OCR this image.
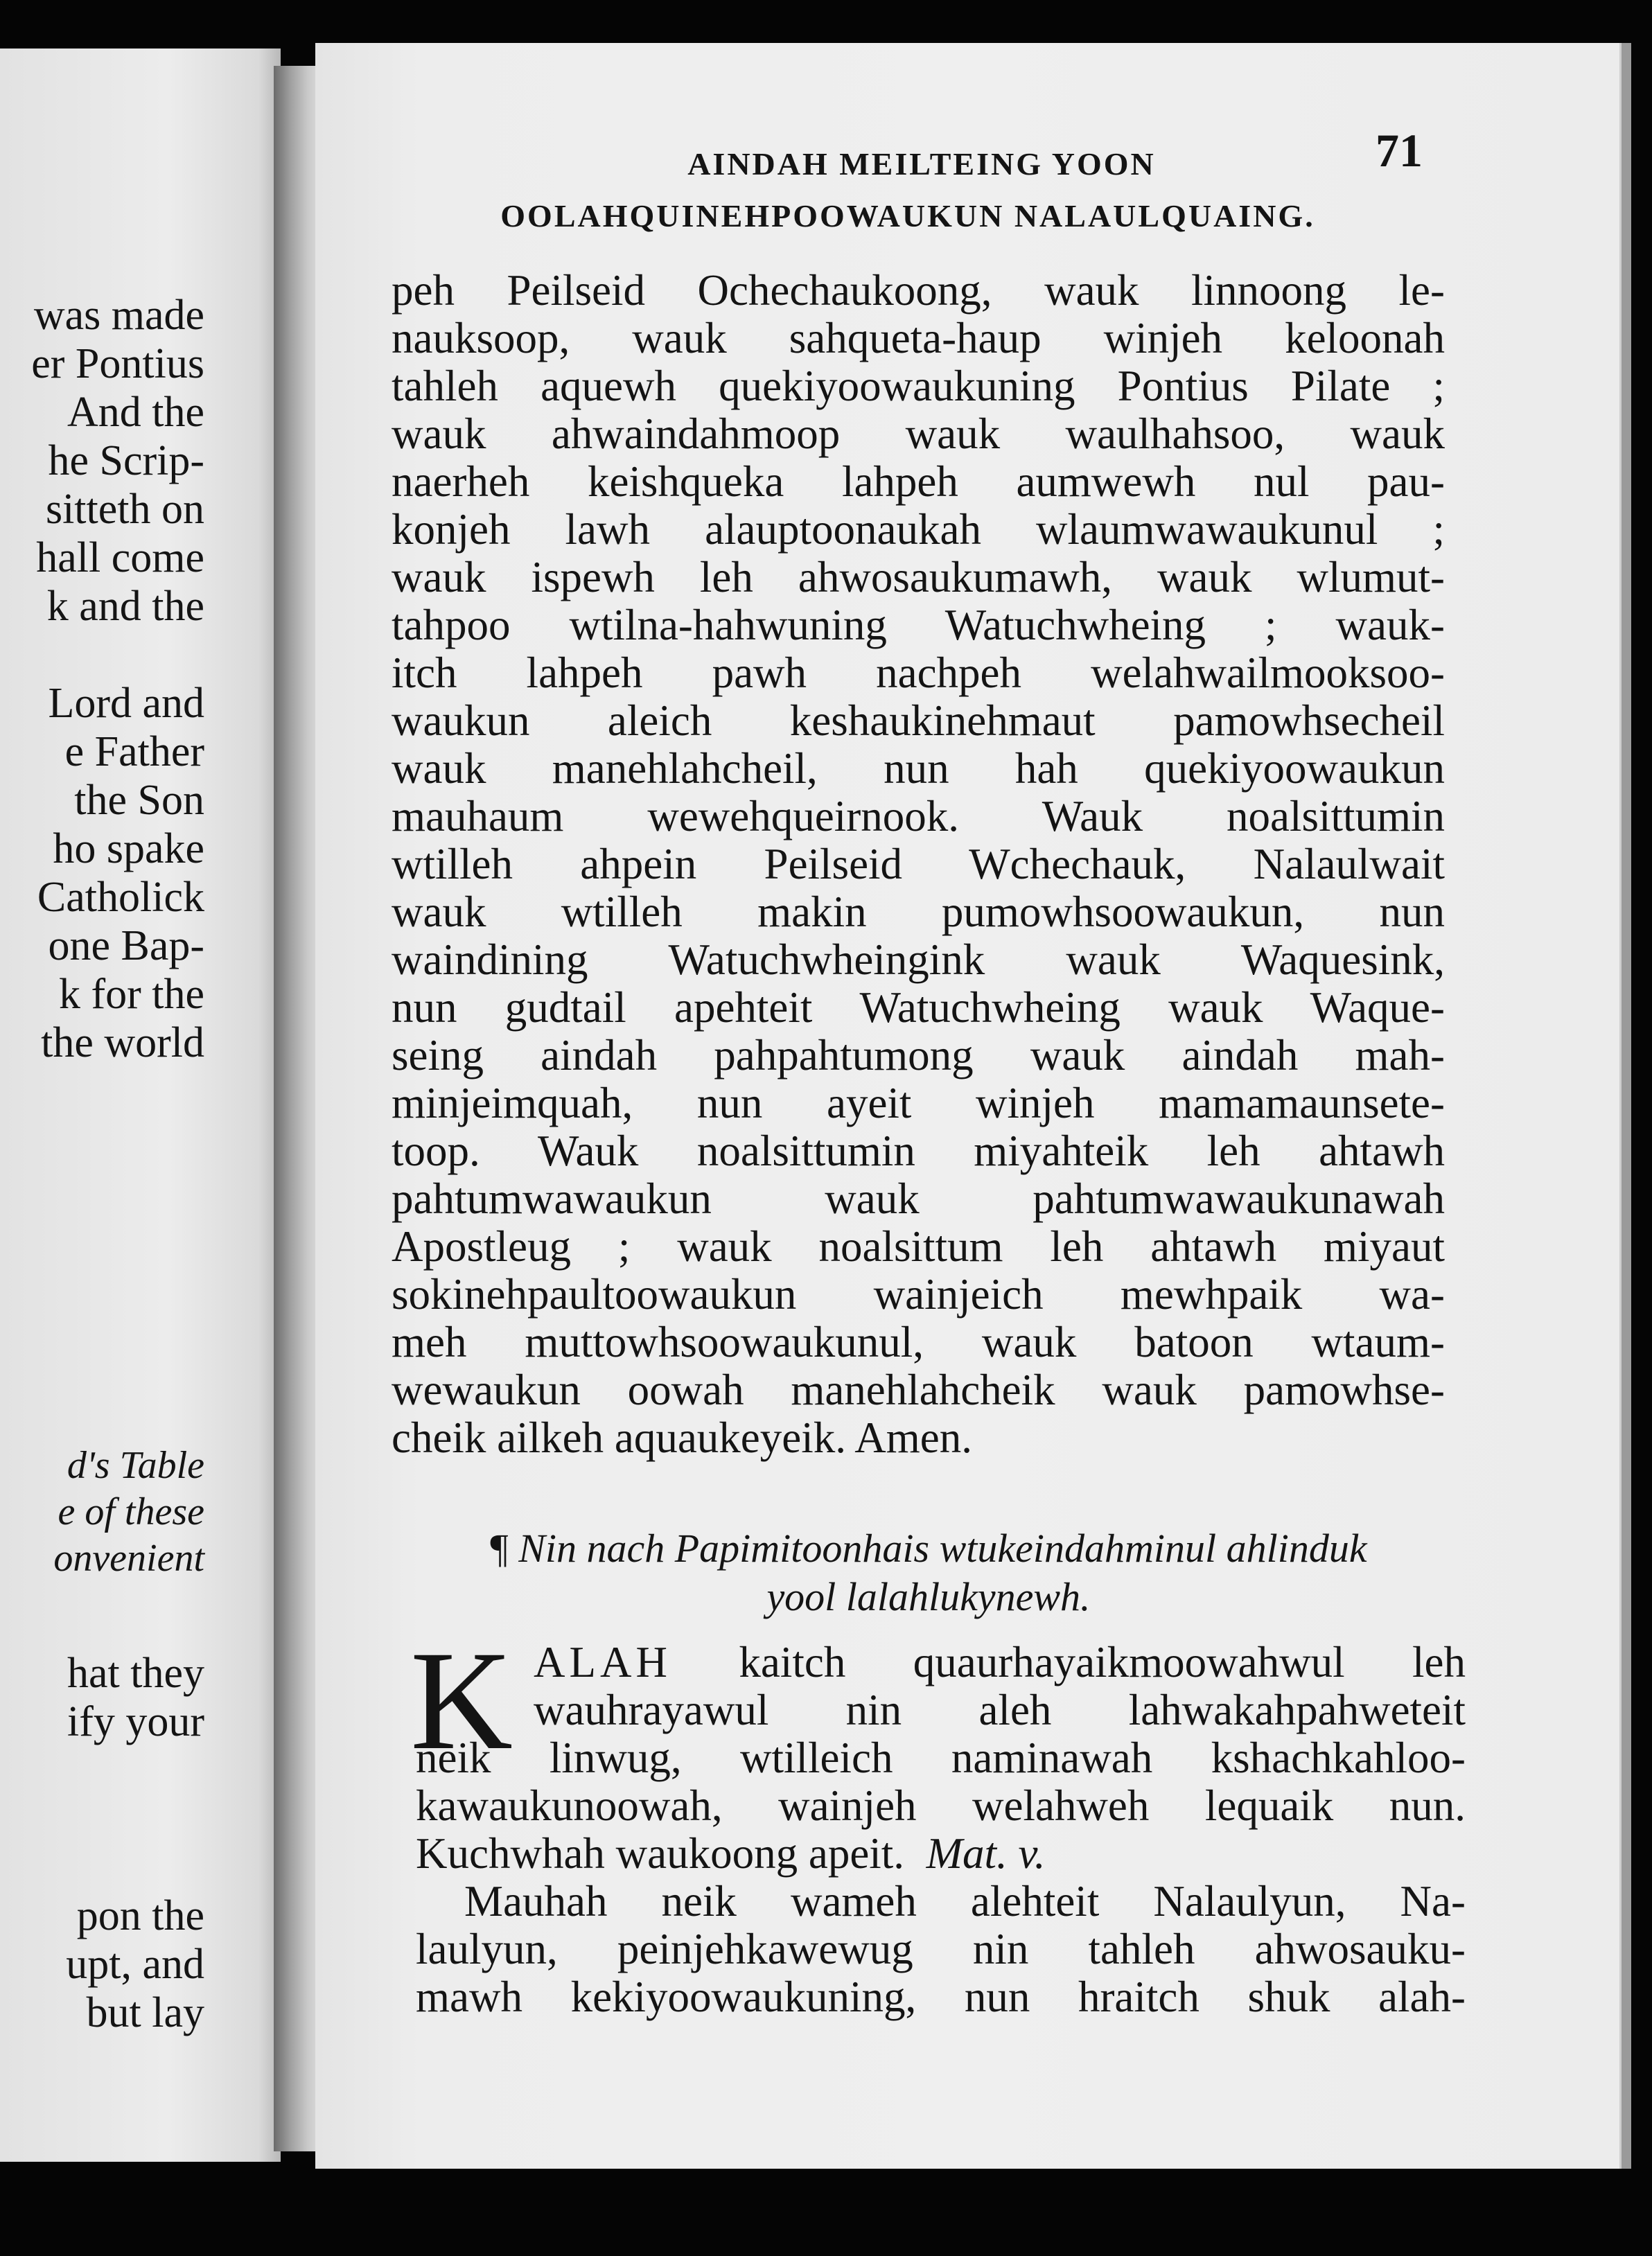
was made
er Pontius
And the
he Scrip-
sitteth on
hall come
k and the
Lord and
e Father
the Son
ho spake
Catholick
one Bap-
k for the
the world
d's Table
e of these
onvenient
hat they
ify your
pon the
upt, and
but lay
AINDAH MEILTEING YOON
OOLAHQUINEHPOOWAUKUN NALAULQUAING.
71
peh Peilseid Ochechaukoong, wauk linnoong le-
nauksoop, wauk sahqueta-haup winjeh keloonah
tahleh aquewh quekiyoowaukuning Pontius Pilate ;
wauk ahwaindahmoop wauk waulhahsoo, wauk
naerheh keishqueka lahpeh aumwewh nul pau-
konjeh lawh alauptoonaukah wlaumwawaukunul ;
wauk ispewh leh ahwosaukumawh, wauk wlumut-
tahpoo wtilna-hahwuning Watuchwheing ; wauk-
itch lahpeh pawh nachpeh welahwailmooksoo-
waukun aleich keshaukinehmaut pamowhsecheil
wauk manehlahcheil, nun hah quekiyoowaukun
mauhaum wewehqueirnook. Wauk noalsittumin
wtilleh ahpein Peilseid Wchechauk, Nalaulwait
wauk wtilleh makin pumowhsoowaukun, nun
waindining Watuchwheingink wauk Waquesink,
nun gudtail apehteit Watuchwheing wauk Waque-
seing aindah pahpahtumong wauk aindah mah-
minjeimquah, nun ayeit winjeh mamamaunsete-
toop. Wauk noalsittumin miyahteik leh ahtawh
pahtumwawaukun wauk pahtumwawaukunawah
Apostleug ; wauk noalsittum leh ahtawh miyaut
sokinehpaultoowaukun wainjeich mewhpaik wa-
meh muttowhsoowaukunul, wauk batoon wtaum-
wewaukun oowah manehlahcheik wauk pamowhse-
cheik ailkeh aquaukeyeik. Amen.
¶ Nin nach Papimitoonhais wtukeindahminul ahlinduk
yool lalahlukynewh.
K ALAH kaitch quaurhayaikmoowahwul leh
wauhrayawul nin aleh lahwakahpahweteit
neik linwug, wtilleich naminawah kshachkahloo-
kawaukunoowah, wainjeh welahweh lequaik nun.
Kuchwhah waukoong apeit. Mat. v.
Mauhah neik wameh alehteit Nalaulyun, Na-
laulyun, peinjehkawewug nin tahleh ahwosauku-
mawh kekiyoowaukuning, nun hraitch shuk alah-
